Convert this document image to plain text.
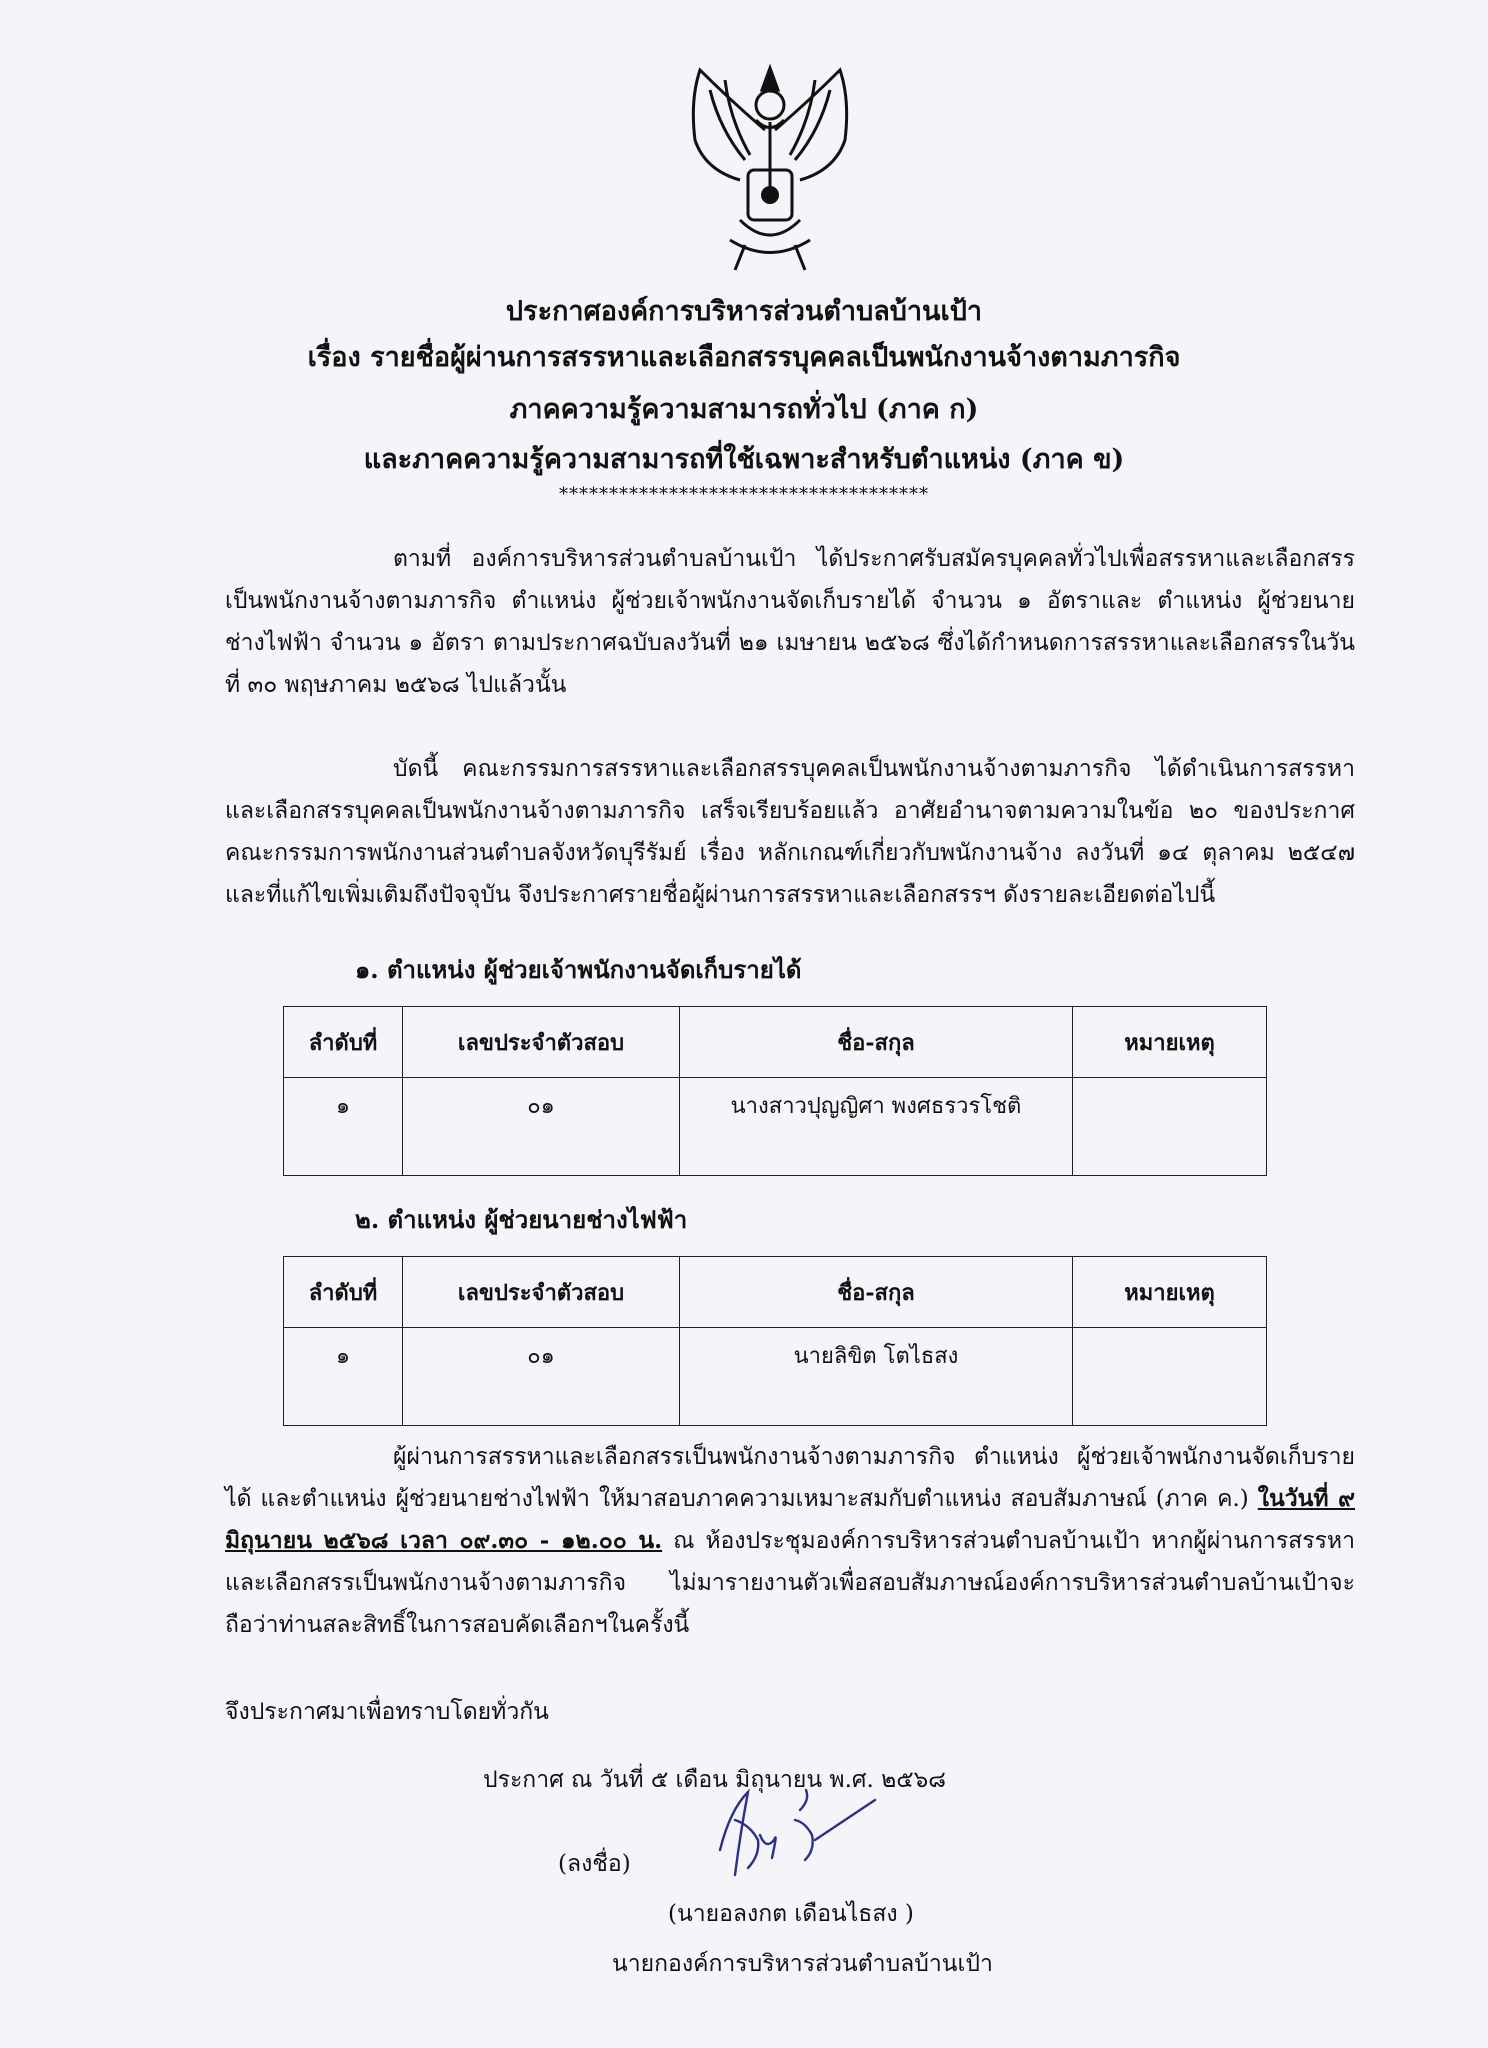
ประกาศองค์การบริหารส่วนตำบลบ้านเป้า
เรื่อง รายชื่อผู้ผ่านการสรรหาและเลือกสรรบุคคลเป็นพนักงานจ้างตามภารกิจ
ภาคความรู้ความสามารถทั่วไป (ภาค ก)
และภาคความรู้ความสามารถที่ใช้เฉพาะสำหรับตำแหน่ง (ภาค ข)
*************************************

ตามที่ องค์การบริหารส่วนตำบลบ้านเป้า ได้ประกาศรับสมัครบุคคลทั่วไปเพื่อสรรหาและเลือกสรรเป็นพนักงานจ้างตามภารกิจ ตำแหน่ง ผู้ช่วยเจ้าพนักงานจัดเก็บรายได้ จำนวน ๑ อัตราและ ตำแหน่ง ผู้ช่วยนายช่างไฟฟ้า จำนวน ๑ อัตรา ตามประกาศฉบับลงวันที่ ๒๑ เมษายน ๒๕๖๘ ซึ่งได้กำหนดการสรรหาและเลือกสรรในวันที่ ๓๐ พฤษภาคม ๒๕๖๘ ไปแล้วนั้น

บัดนี้ คณะกรรมการสรรหาและเลือกสรรบุคคลเป็นพนักงานจ้างตามภารกิจ ได้ดำเนินการสรรหาและเลือกสรรบุคคลเป็นพนักงานจ้างตามภารกิจ เสร็จเรียบร้อยแล้ว อาศัยอำนาจตามความในข้อ ๒๐ ของประกาศคณะกรรมการพนักงานส่วนตำบลจังหวัดบุรีรัมย์ เรื่อง หลักเกณฑ์เกี่ยวกับพนักงานจ้าง ลงวันที่ ๑๔ ตุลาคม ๒๕๔๗ และที่แก้ไขเพิ่มเติมถึงปัจจุบัน จึงประกาศรายชื่อผู้ผ่านการสรรหาและเลือกสรรฯ ดังรายละเอียดต่อไปนี้

๑. ตำแหน่ง ผู้ช่วยเจ้าพนักงานจัดเก็บรายได้
ลำดับที่	เลขประจำตัวสอบ	ชื่อ-สกุล	หมายเหตุ
๑	๐๑	นางสาวปุญญิศา พงศธรวรโชติ	
๒. ตำแหน่ง ผู้ช่วยนายช่างไฟฟ้า
ลำดับที่	เลขประจำตัวสอบ	ชื่อ-สกุล	หมายเหตุ
๑	๐๑	นายลิขิต โตไธสง	

ผู้ผ่านการสรรหาและเลือกสรรเป็นพนักงานจ้างตามภารกิจ ตำแหน่ง ผู้ช่วยเจ้าพนักงานจัดเก็บรายได้ และตำแหน่ง ผู้ช่วยนายช่างไฟฟ้า ให้มาสอบภาคความเหมาะสมกับตำแหน่ง สอบสัมภาษณ์ (ภาค ค.) ในวันที่ ๙ มิถุนายน ๒๕๖๘ เวลา ๐๙.๓๐ - ๑๒.๐๐ น. ณ ห้องประชุมองค์การบริหารส่วนตำบลบ้านเป้า หากผู้ผ่านการสรรหาและเลือกสรรเป็นพนักงานจ้างตามภารกิจ ไม่มารายงานตัวเพื่อสอบสัมภาษณ์องค์การบริหารส่วนตำบลบ้านเป้าจะถือว่าท่านสละสิทธิ์ในการสอบคัดเลือกฯในครั้งนี้

จึงประกาศมาเพื่อทราบโดยทั่วกัน
ประกาศ ณ วันที่ ๕ เดือน มิถุนายน พ.ศ. ๒๕๖๘
(ลงชื่อ)
(นายอลงกต เดือนไธสง )
นายกองค์การบริหารส่วนตำบลบ้านเป้า
